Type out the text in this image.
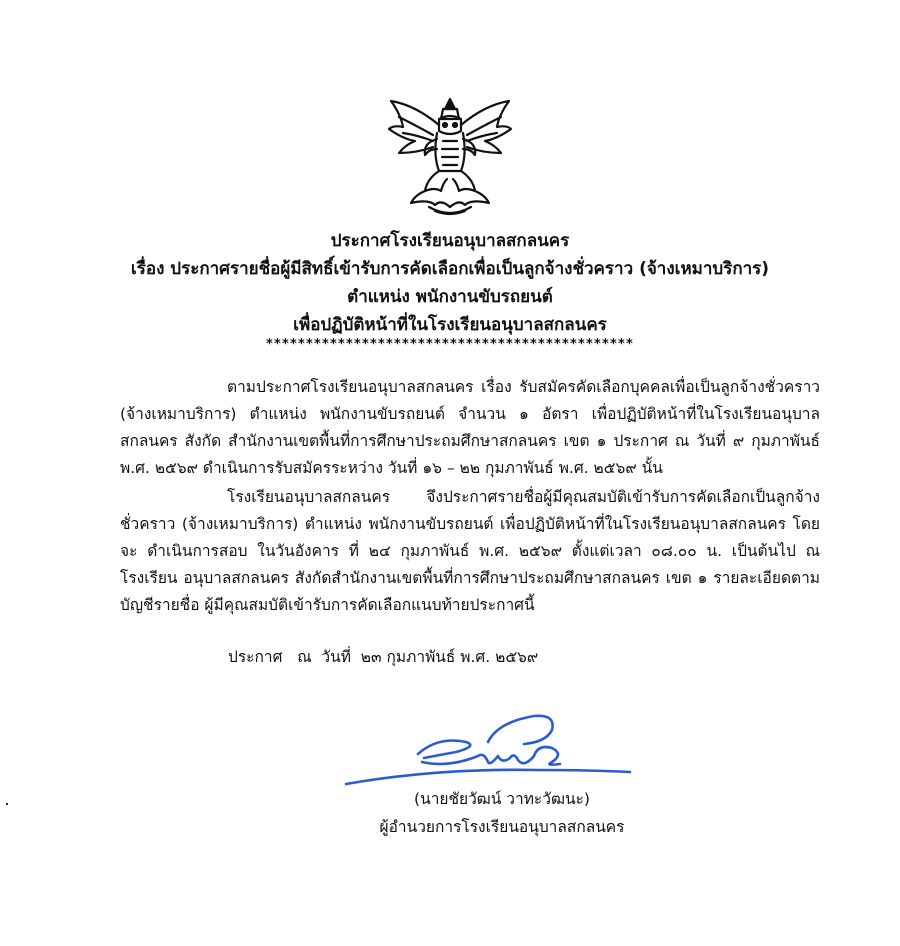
ประกาศโรงเรียนอนุบาลสกลนคร
เรื่อง ประกาศรายชื่อผู้มีสิทธิ์เข้ารับการคัดเลือกเพื่อเป็นลูกจ้างชั่วคราว (จ้างเหมาบริการ)
ตำแหน่ง พนักงานขับรถยนต์
เพื่อปฏิบัติหน้าที่ในโรงเรียนอนุบาลสกลนคร
**********************************************
ตามประกาศโรงเรียนอนุบาลสกลนคร เรื่อง รับสมัครคัดเลือกบุคคลเพื่อเป็นลูกจ้างชั่วคราว (จ้างเหมาบริการ) ตำแหน่ง พนักงานขับรถยนต์ จำนวน ๑ อัตรา เพื่อปฏิบัติหน้าที่ในโรงเรียนอนุบาลสกลนคร สังกัด สำนักงานเขตพื้นที่การศึกษาประถมศึกษาสกลนคร เขต ๑ ประกาศ ณ วันที่ ๙ กุมภาพันธ์ พ.ศ. ๒๕๖๙ ดำเนินการรับสมัครระหว่าง วันที่ ๑๖ – ๒๒ กุมภาพันธ์ พ.ศ. ๒๕๖๙ นั้น
โรงเรียนอนุบาลสกลนคร จึงประกาศรายชื่อผู้มีคุณสมบัติเข้ารับการคัดเลือกเป็นลูกจ้าง ชั่วคราว (จ้างเหมาบริการ) ตำแหน่ง พนักงานขับรถยนต์ เพื่อปฏิบัติหน้าที่ในโรงเรียนอนุบาลสกลนคร โดยจะ ดำเนินการสอบ ในวันอังคาร ที่ ๒๔ กุมภาพันธ์ พ.ศ. ๒๕๖๙ ตั้งแต่เวลา ๐๘.๐๐ น. เป็นต้นไป ณ โรงเรียน อนุบาลสกลนคร สังกัดสำนักงานเขตพื้นที่การศึกษาประถมศึกษาสกลนคร เขต ๑ รายละเอียดตามบัญชีรายชื่อ ผู้มีคุณสมบัติเข้ารับการคัดเลือกแนบท้ายประกาศนี้
ประกาศ   ณ  วันที่  ๒๓ กุมภาพันธ์ พ.ศ. ๒๕๖๙
(นายชัยวัฒน์ วาทะวัฒนะ)
ผู้อำนวยการโรงเรียนอนุบาลสกลนคร
